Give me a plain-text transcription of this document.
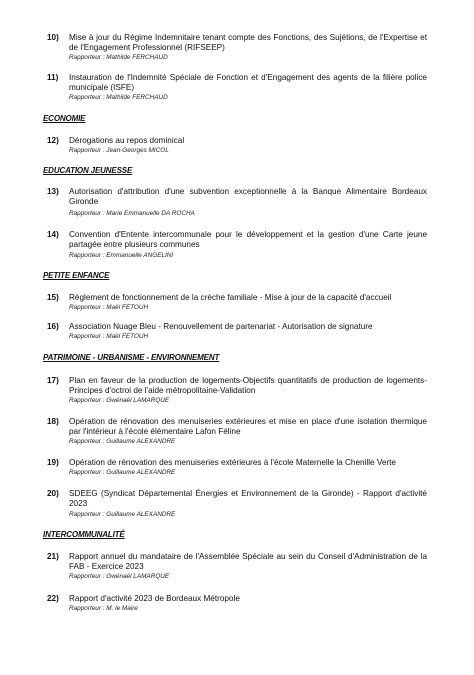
10)	Mise à jour du Régime Indemnitaire tenant compte des Fonctions, des Sujétions, de l'Expertise et de l'Engagement Professionnel (RIFSEEP)

Rapporteur : Mathilde FERCHAUD

11)	Instauration de l'Indemnité Spéciale de Fonction et d'Engagement des agents de la filière police municipale (ISFE)

Rapporteur : Mathilde FERCHAUD

ECONOMIE

12)	Dérogations au repos dominical

Rapporteur : Jean-Georges MICOL

EDUCATION JEUNESSE

13)	Autorisation d'attribution d'une subvention exceptionnelle à la Banque Alimentaire Bordeaux Gironde

Rapporteur : Marie Emmanuelle DA ROCHA

14)	Convention d'Entente intercommunale pour le développement et la gestion d'une Carte jeune partagée entre plusieurs communes

Rapporteur : Emmanuelle ANGELINI

PETITE ENFANCE

15)	Règlement de fonctionnement de la crèche familiale - Mise à jour de la capacité d'accueil

Rapporteur : Maël FETOUH

16)	Association Nuage Bleu - Renouvellement de partenariat - Autorisation de signature

Rapporteur : Maël FETOUH

PATRIMOINE - URBANISME - ENVIRONNEMENT

17)	Plan en faveur de la production de logements-Objectifs quantitatifs de production de logements-Principes d'octroi de l'aide métropolitaine-Validation

Rapporteur : Gwénaël LAMARQUE

18)	Opération de rénovation des menuiseries extérieures et mise en place d'une isolation thermique par l'intérieur à l'école élémentaire Lafon Féline

Rapporteur : Guillaume ALEXANDRE

19)	Opération de rénovation des menuiseries extérieures à l'école Maternelle la Chenille Verte

Rapporteur : Guillaume ALEXANDRE

20)	SDEEG (Syndicat Départemental Énergies et Environnement de la Gironde) - Rapport d'activité 2023

Rapporteur : Guillaume ALEXANDRE

INTERCOMMUNALITÉ

21)	Rapport annuel du mandataire de l'Assemblée Spéciale au sein du Conseil d'Administration de la FAB - Exercice 2023

Rapporteur : Gwénaël LAMARQUE

22)	Rapport d'activité 2023 de Bordeaux Métropole

Rapporteur : M. le Maire
